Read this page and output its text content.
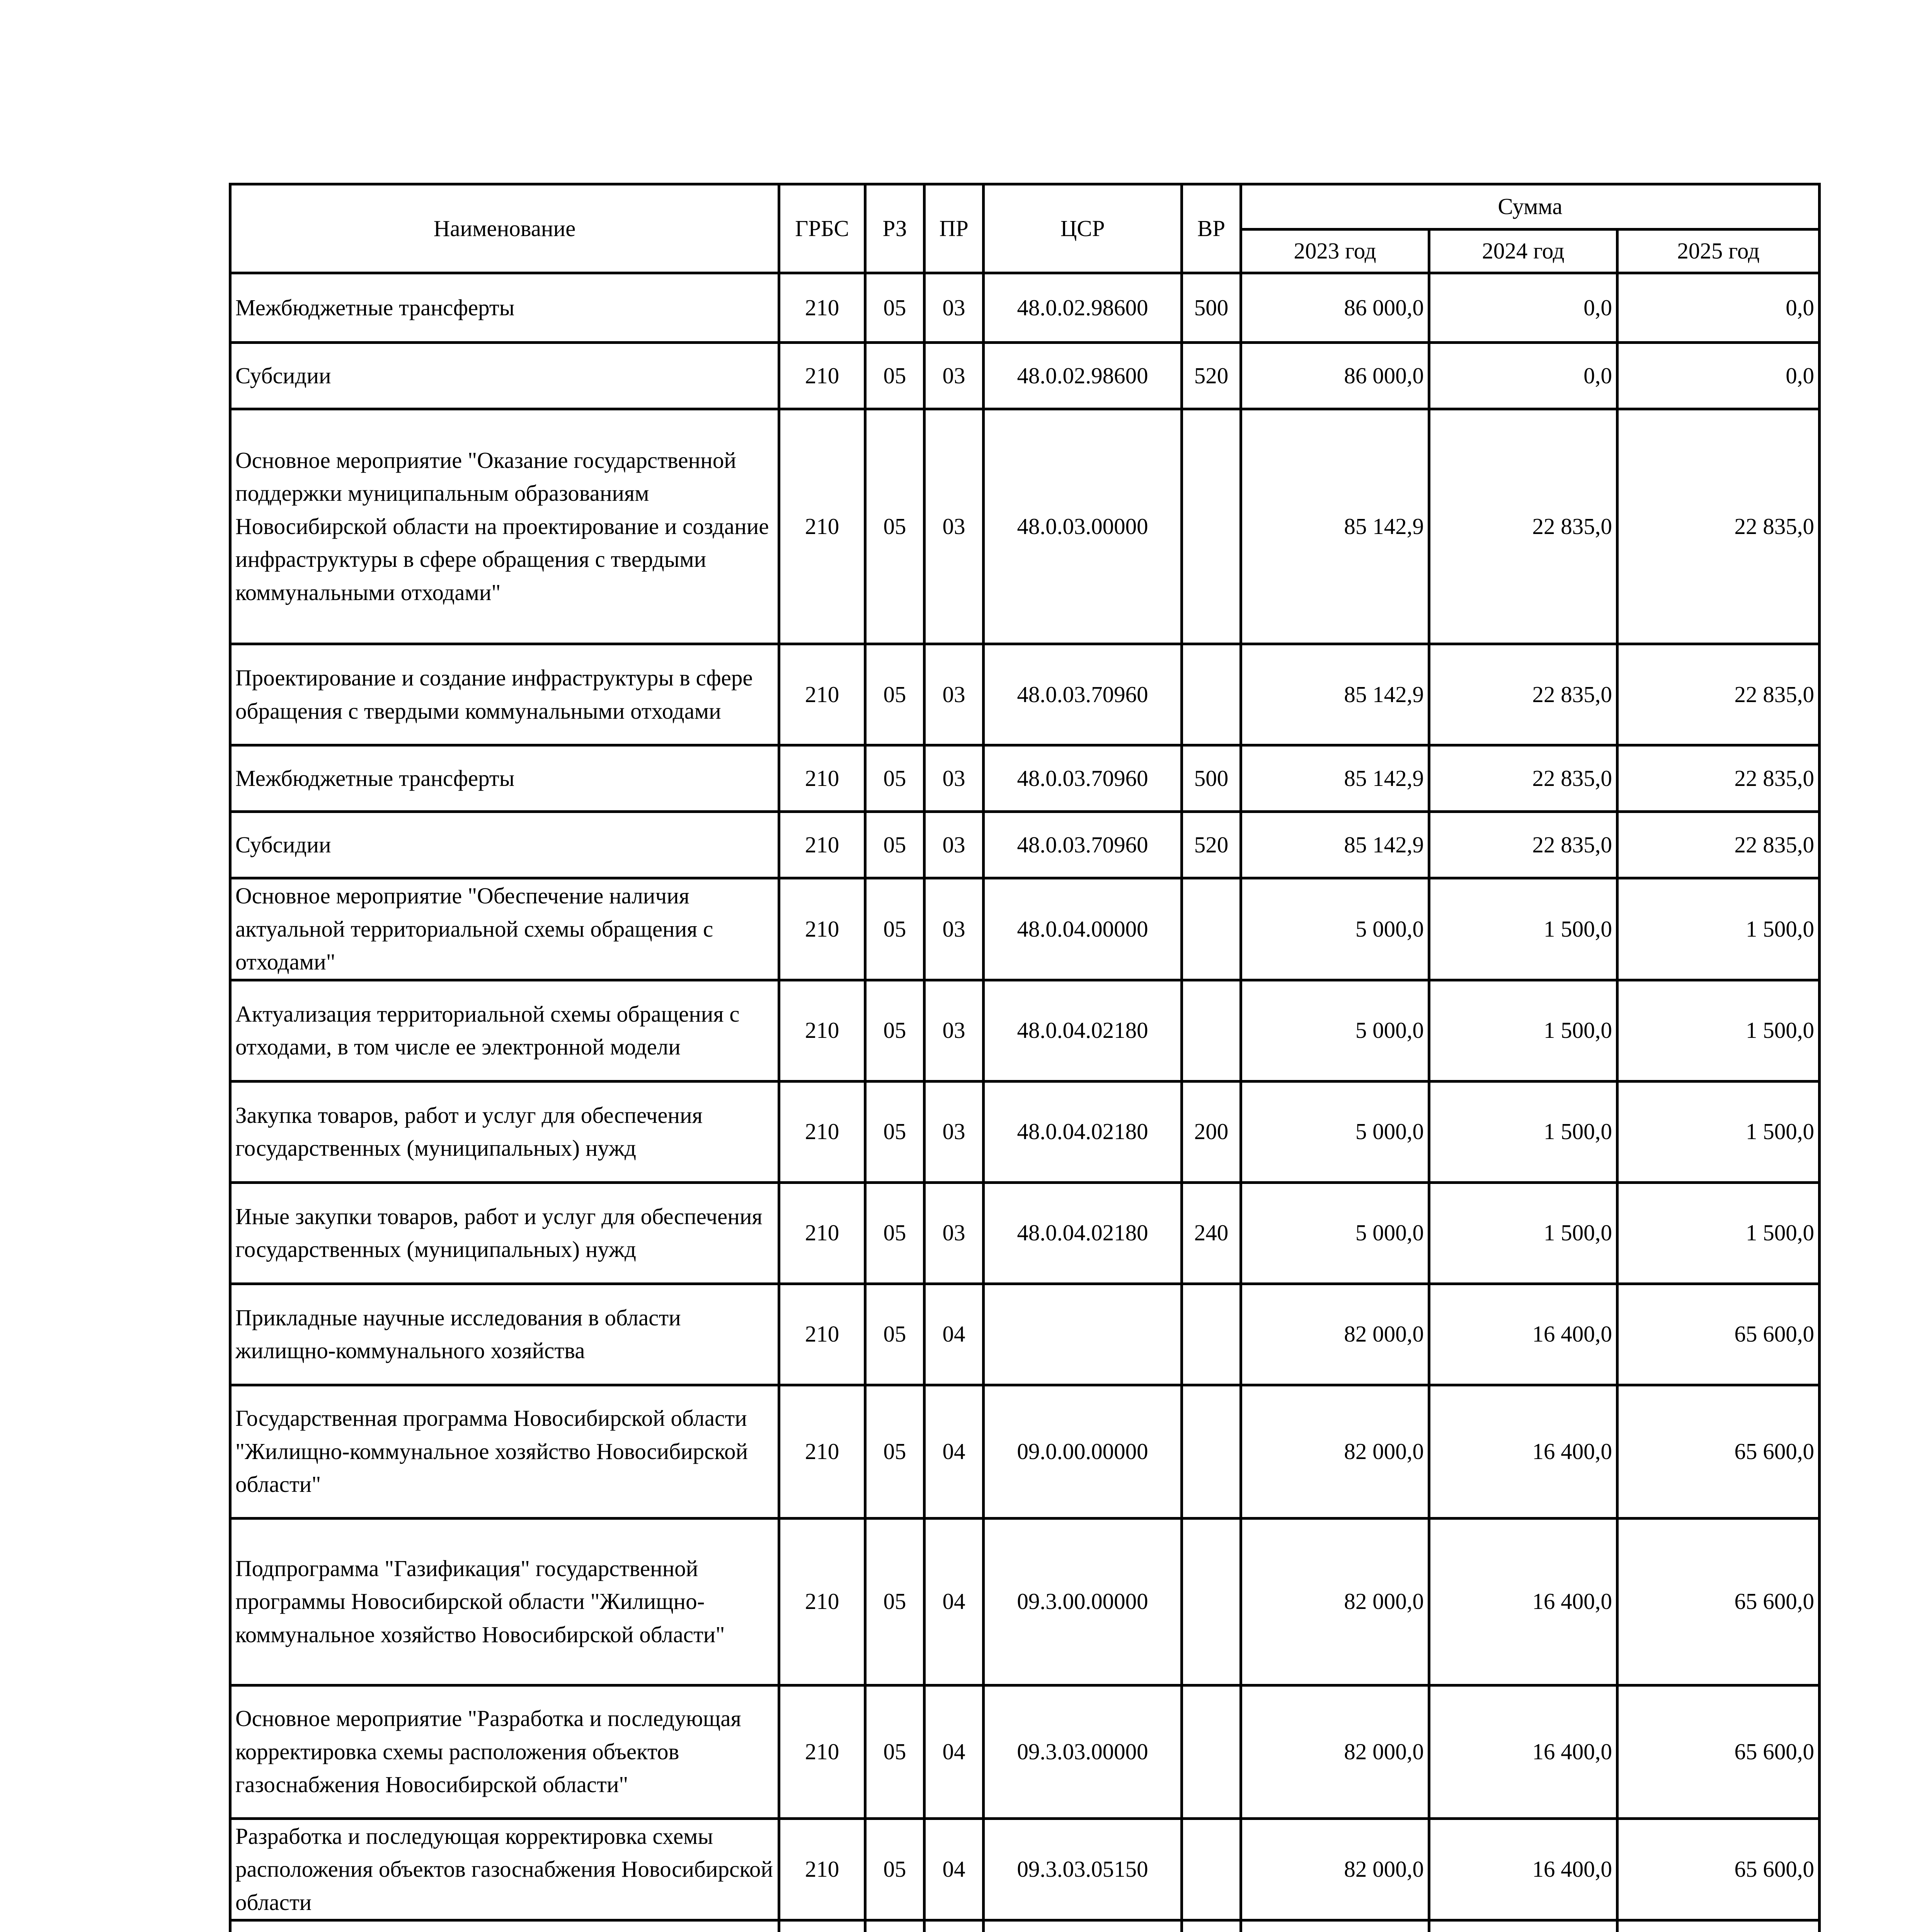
Наименование	ГРБС	РЗ	ПР	ЦСР	ВР	Сумма		
						2023 год	2024 год	2025 год
Межбюджетные трансферты	210	05	03	48.0.02.98600	500	86 000,0	0,0	0,0
Субсидии	210	05	03	48.0.02.98600	520	86 000,0	0,0	0,0
Основное мероприятие "Оказание государственной поддержки муниципальным образованиям Новосибирской области на проектирование и создание инфраструктуры в сфере обращения с твердыми коммунальными отходами"	210	05	03	48.0.03.00000		85 142,9	22 835,0	22 835,0
Проектирование и создание инфраструктуры в сфере обращения с твердыми коммунальными отходами	210	05	03	48.0.03.70960		85 142,9	22 835,0	22 835,0
Межбюджетные трансферты	210	05	03	48.0.03.70960	500	85 142,9	22 835,0	22 835,0
Субсидии	210	05	03	48.0.03.70960	520	85 142,9	22 835,0	22 835,0
Основное мероприятие "Обеспечение наличия актуальной территориальной схемы обращения с отходами"	210	05	03	48.0.04.00000		5 000,0	1 500,0	1 500,0
Актуализация территориальной схемы обращения с отходами, в том числе ее электронной модели	210	05	03	48.0.04.02180		5 000,0	1 500,0	1 500,0
Закупка товаров, работ и услуг для обеспечения государственных (муниципальных) нужд	210	05	03	48.0.04.02180	200	5 000,0	1 500,0	1 500,0
Иные закупки товаров, работ и услуг для обеспечения государственных (муниципальных) нужд	210	05	03	48.0.04.02180	240	5 000,0	1 500,0	1 500,0
Прикладные научные исследования в области жилищно-коммунального хозяйства	210	05	04			82 000,0	16 400,0	65 600,0
Государственная программа Новосибирской области "Жилищно-коммунальное хозяйство Новосибирской области"	210	05	04	09.0.00.00000		82 000,0	16 400,0	65 600,0
Подпрограмма "Газификация" государственной программы Новосибирской области "Жилищно-коммунальное хозяйство Новосибирской области"	210	05	04	09.3.00.00000		82 000,0	16 400,0	65 600,0
Основное мероприятие "Разработка и последующая корректировка схемы расположения объектов газоснабжения Новосибирской области"	210	05	04	09.3.03.00000		82 000,0	16 400,0	65 600,0
Разработка и последующая корректировка схемы расположения объектов газоснабжения Новосибирской области	210	05	04	09.3.03.05150		82 000,0	16 400,0	65 600,0
